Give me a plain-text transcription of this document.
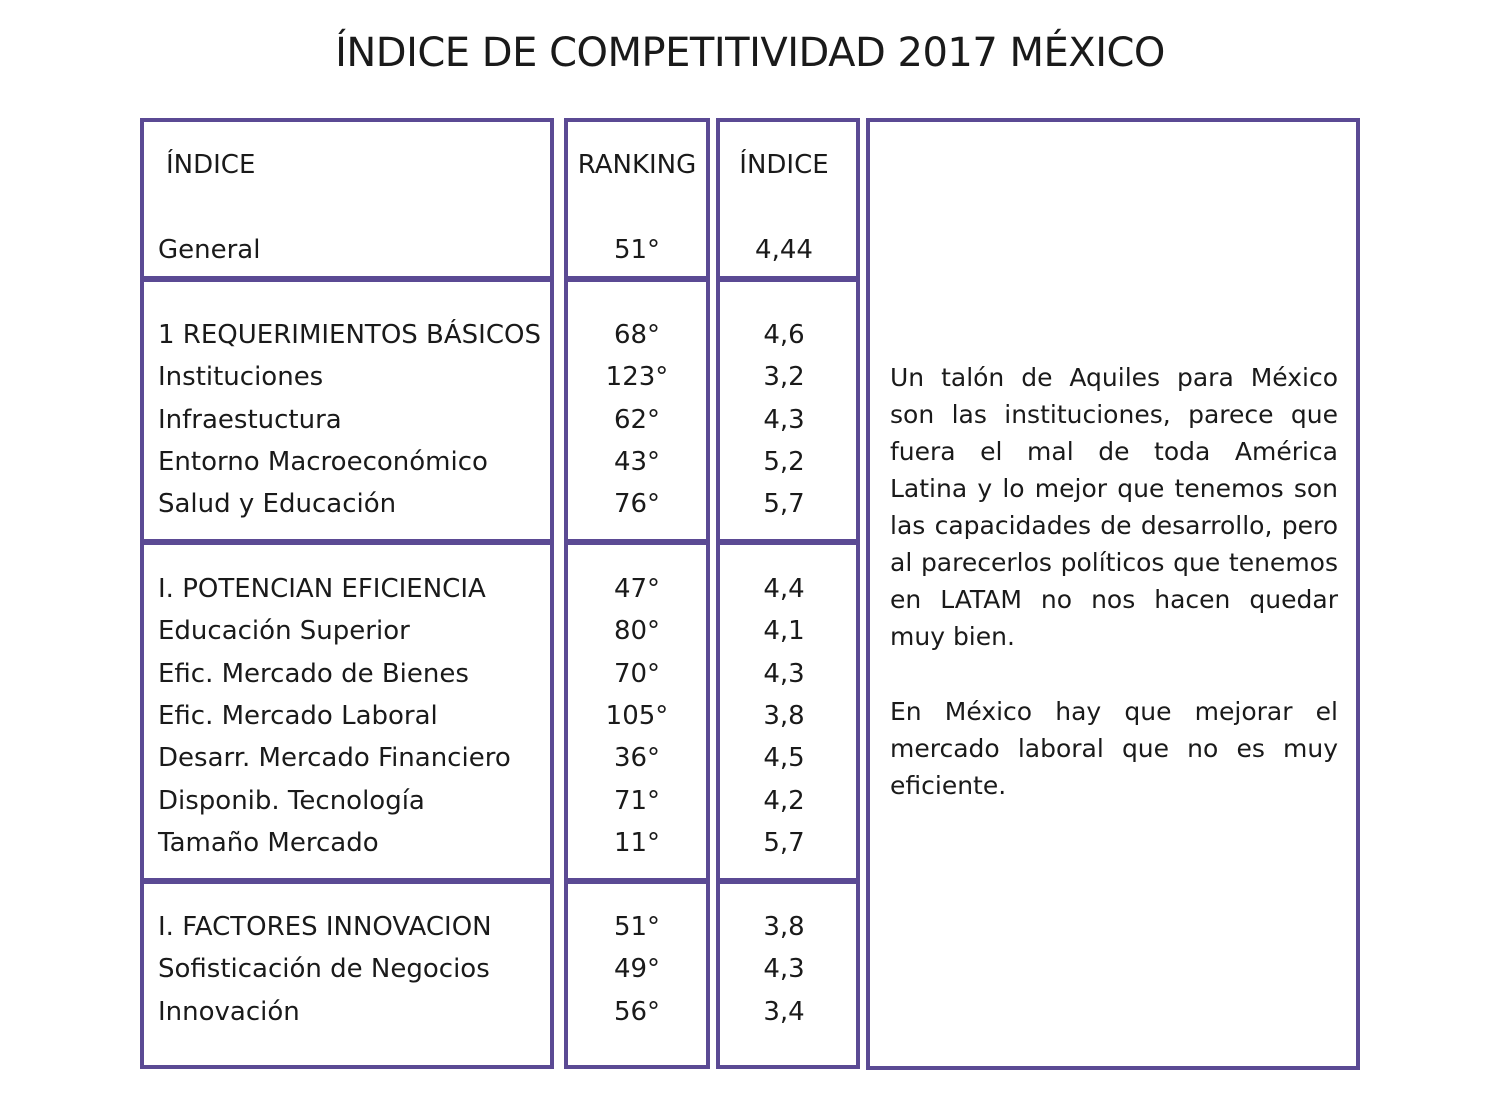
ÍNDICE DE COMPETITIVIDAD 2017 MÉXICO
ÍNDICE	RANKING	ÍNDICE
General	51°	4,44
1 REQUERIMIENTOS BÁSICOS	68°	4,6
Instituciones	123°	3,2
Infraestuctura	62°	4,3
Entorno Macroeconómico	43°	5,2
Salud y Educación	76°	5,7
I. POTENCIAN EFICIENCIA	47°	4,4
Educación Superior	80°	4,1
Efic. Mercado de Bienes	70°	4,3
Efic. Mercado Laboral	105°	3,8
Desarr. Mercado Financiero	36°	4,5
Disponib. Tecnología	71°	4,2
Tamaño Mercado	11°	5,7
I. FACTORES INNOVACION	51°	3,8
Sofisticación de Negocios	49°	4,3
Innovación	56°	3,4

Un talón de Aquiles para México son las instituciones, parece que fuera el mal de toda América Latina y lo mejor que tenemos son las capacidades de desarrollo, pero al parecerlos políticos que tenemos en LATAM no nos hacen quedar muy bien.

En México hay que mejorar el mercado laboral que no es muy eficiente.
